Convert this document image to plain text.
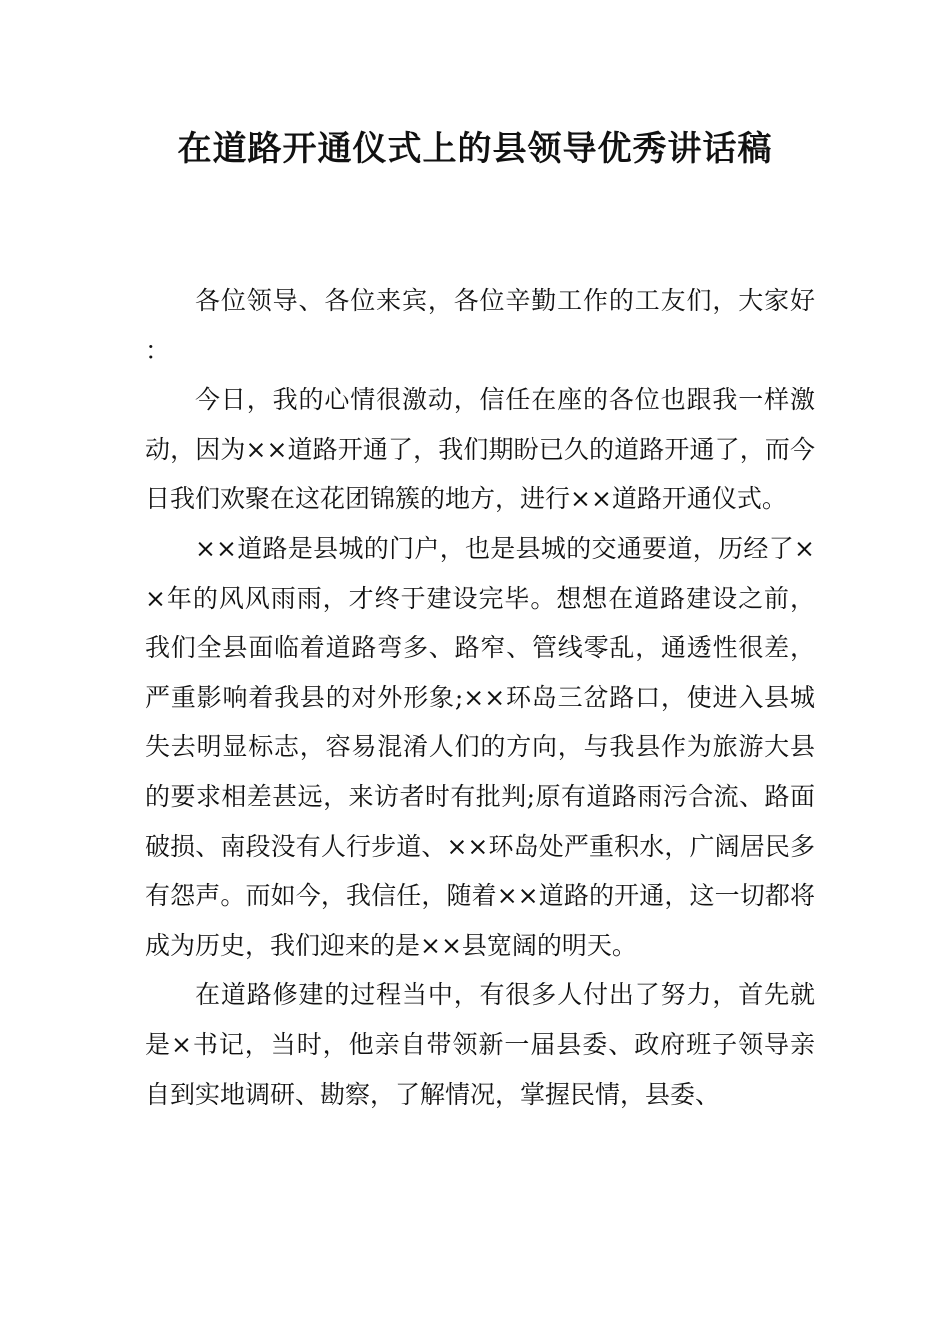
在道路开通仪式上的县领导优秀讲话稿

各位领导、各位来宾，各位辛勤工作的工友们，大家好：

今日，我的心情很激动，信任在座的各位也跟我一样激动，因为××道路开通了，我们期盼已久的道路开通了，而今日我们欢聚在这花团锦簇的地方，进行××道路开通仪式。

××道路是县城的门户，也是县城的交通要道，历经了××年的风风雨雨，才终于建设完毕。想想在道路建设之前，我们全县面临着道路弯多、路窄、管线零乱，通透性很差，严重影响着我县的对外形象;××环岛三岔路口，使进入县城失去明显标志，容易混淆人们的方向，与我县作为旅游大县的要求相差甚远，来访者时有批判;原有道路雨污合流、路面破损、南段没有人行步道、××环岛处严重积水，广阔居民多有怨声。而如今，我信任，随着××道路的开通，这一切都将成为历史，我们迎来的是××县宽阔的明天。

在道路修建的过程当中，有很多人付出了努力，首先就是×书记，当时，他亲自带领新一届县委、政府班子领导亲自到实地调研、勘察，了解情况，掌握民情，县委、
